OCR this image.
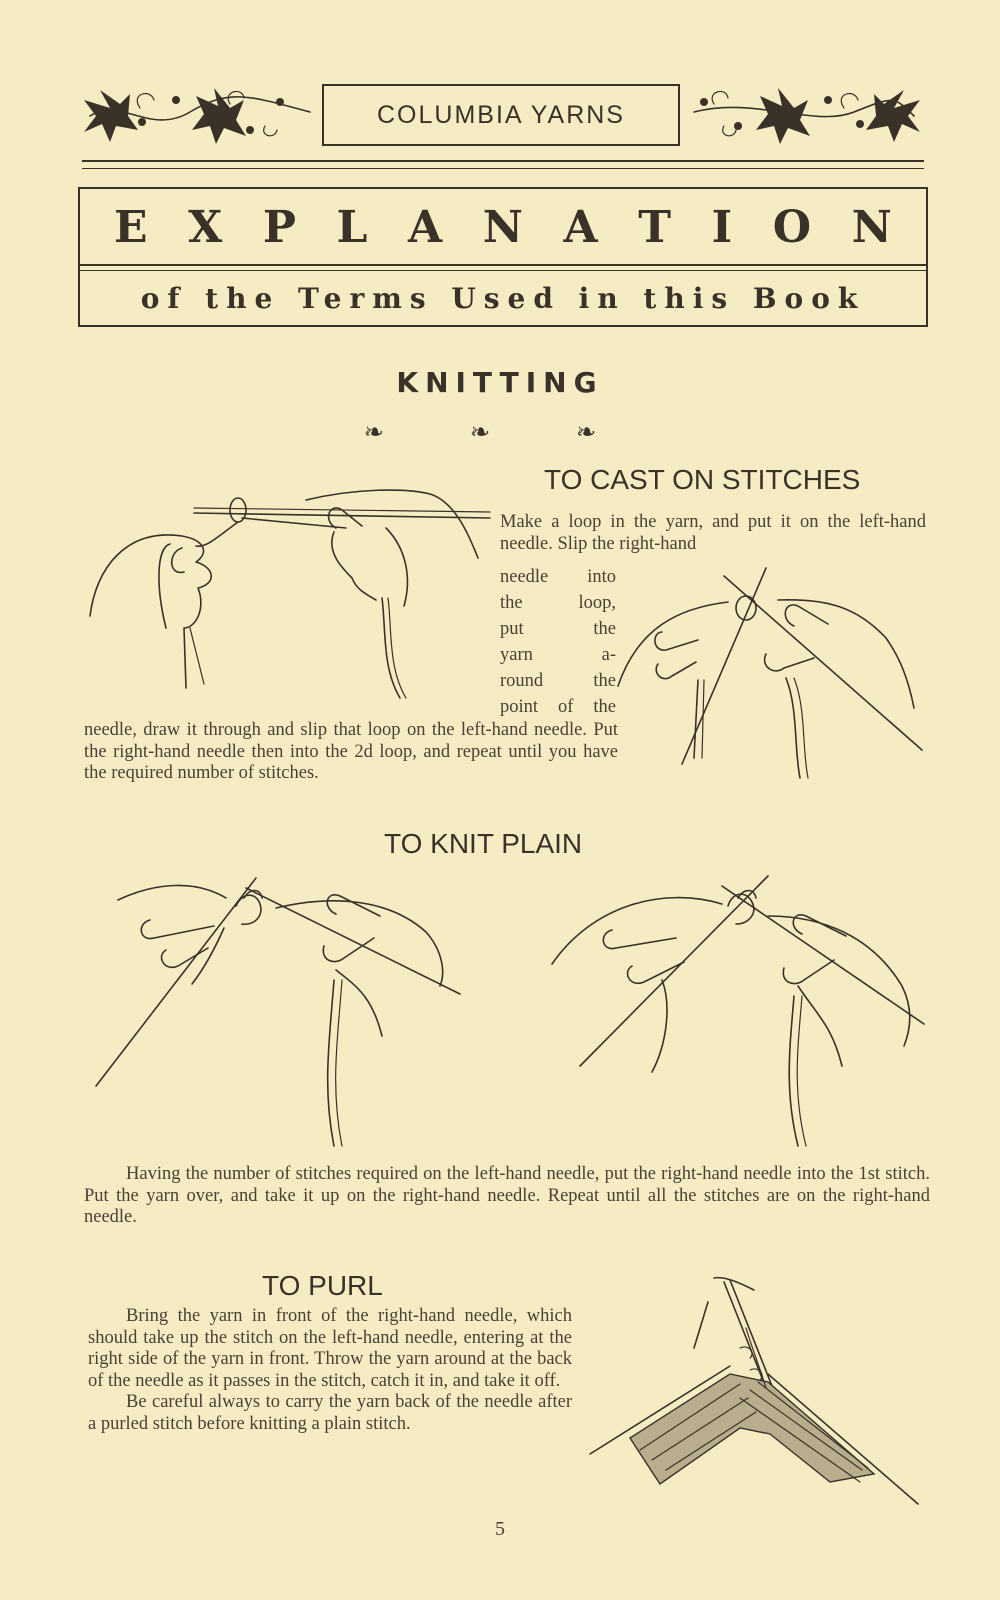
COLUMBIA YARNS
E X P L A N A T I O N
of the Terms Used in this Book
KNITTING
❧ ❧ ❧
TO CAST ON STITCHES
Make a loop in the yarn, and put it on the left-hand needle. Slip the right-hand
needle into
the loop,
put the
yarn a-
round the
point of the
needle, draw it through and slip that loop on the left-hand needle. Put the right-hand needle then into the 2d loop, and repeat until you have the required number of stitches.
TO KNIT PLAIN
Having the number of stitches required on the left-hand needle, put the right-hand needle into the 1st stitch. Put the yarn over, and take it up on the right-hand needle. Repeat until all the stitches are on the right-hand needle.
TO PURL

Bring the yarn in front of the right-hand needle, which should take up the stitch on the left-hand needle, entering at the right side of the yarn in front. Throw the yarn around at the back of the needle as it passes in the stitch, catch it in, and take it off.

Be careful always to carry the yarn back of the needle after a purled stitch before knitting a plain stitch.

5
